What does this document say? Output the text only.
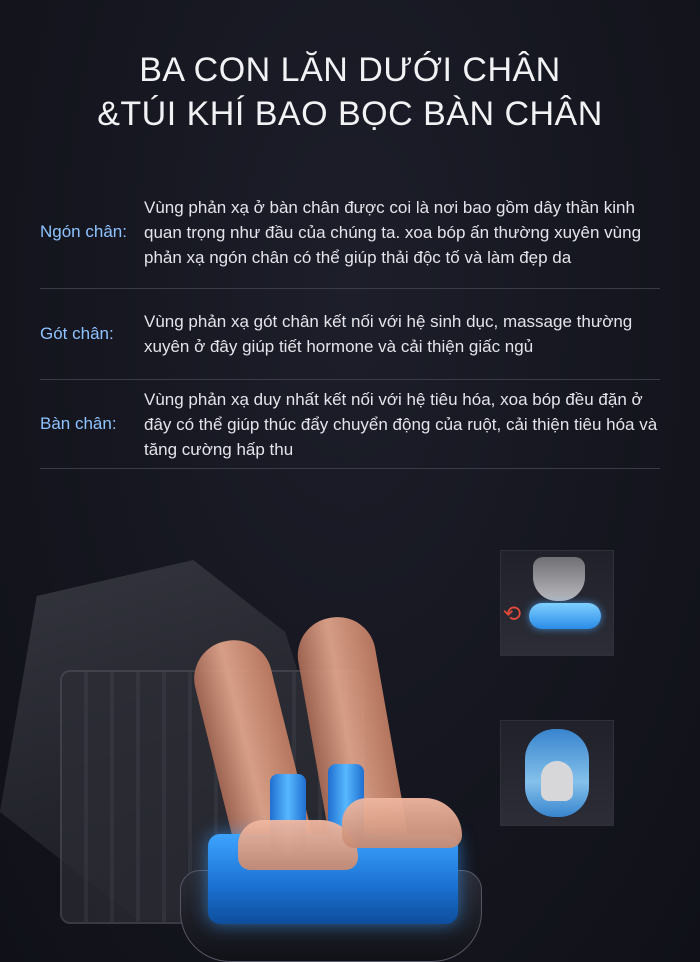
BA CON LĂN DƯỚI CHÂN
&TÚI KHÍ BAO BỌC BÀN CHÂN
Ngón chân:
Vùng phản xạ ở bàn chân được coi là nơi bao gồm dây thần kinh quan trọng như đầu của chúng ta. xoa bóp ấn thường xuyên vùng phản xạ ngón chân có thể giúp thải độc tố và làm đẹp da
Gót chân:
Vùng phản xạ gót chân kết nối với hệ sinh dục, massage thường xuyên ở đây giúp tiết hormone và cải thiện giấc ngủ
Bàn chân:
Vùng phản xạ duy nhất kết nối với hệ tiêu hóa, xoa bóp đều đặn ở đây có thể giúp thúc đẩy chuyển động của ruột, cải thiện tiêu hóa và tăng cường hấp thu
⟲
